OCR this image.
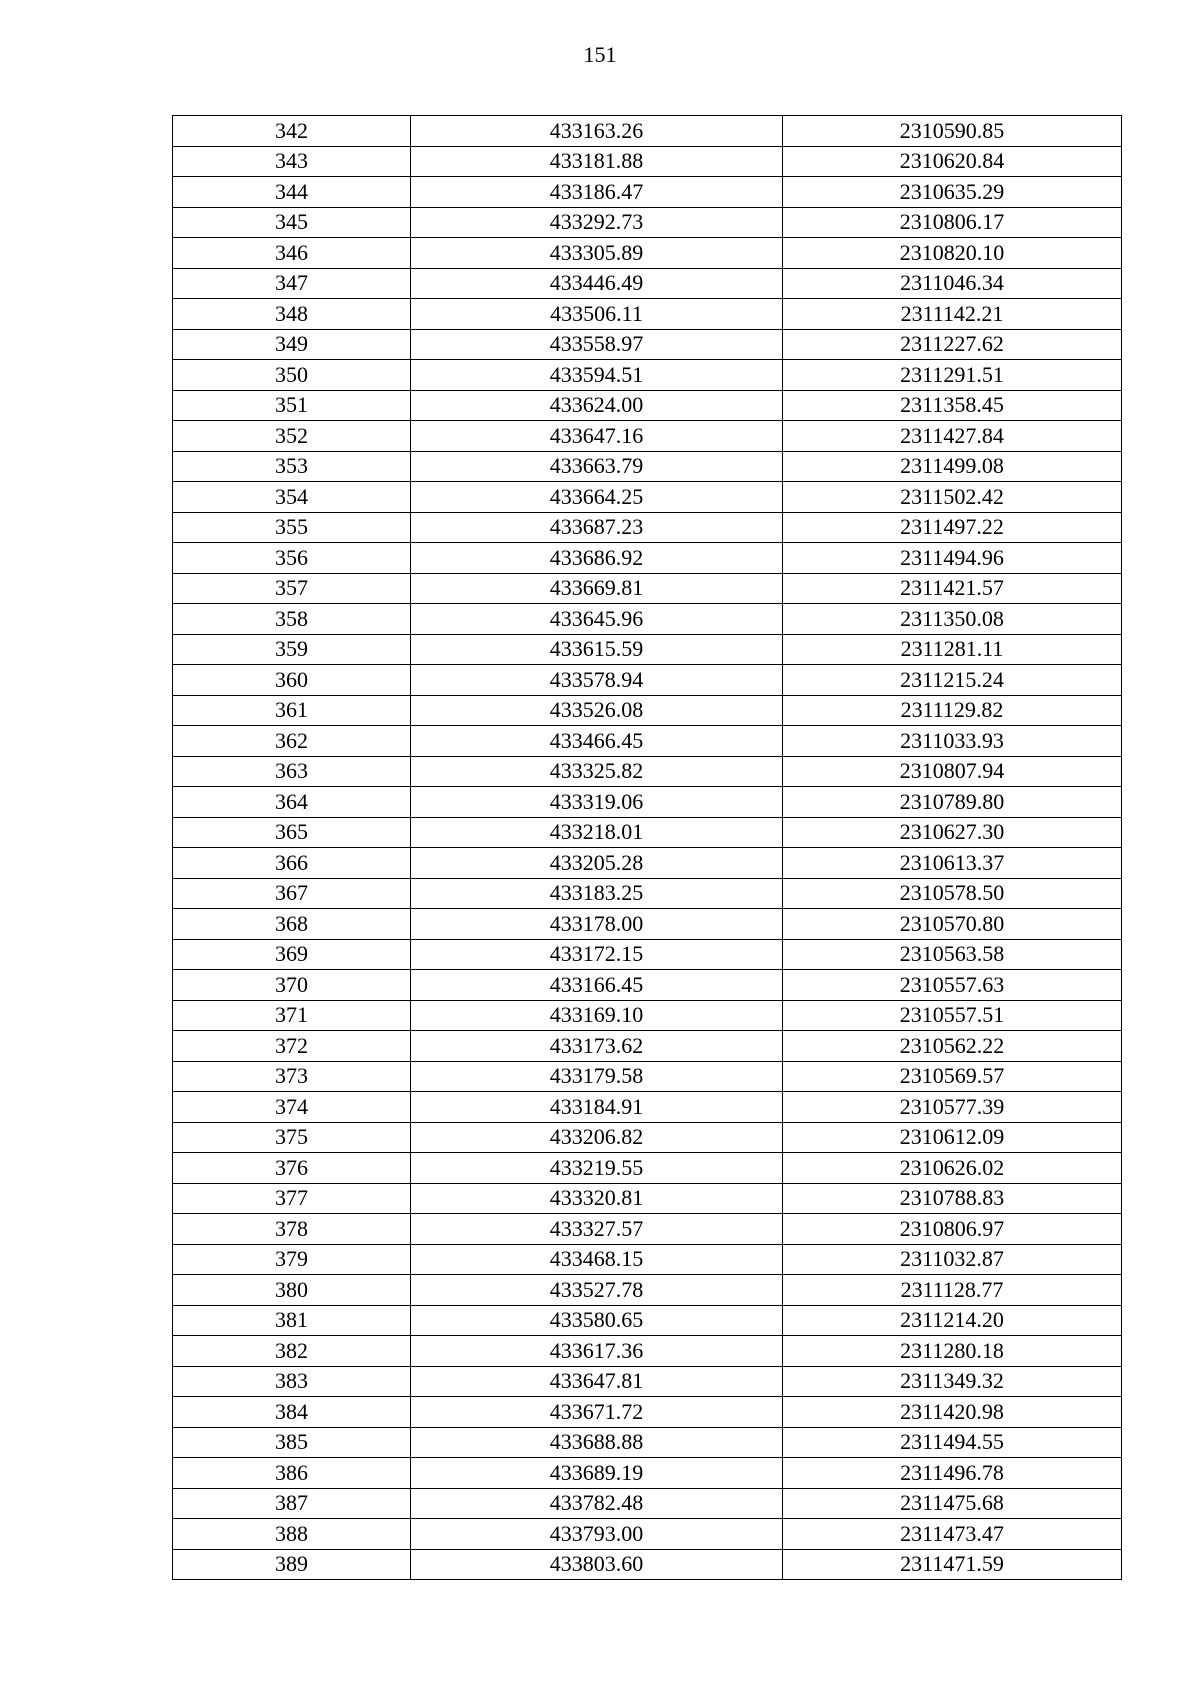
151
342	433163.26	2310590.85
343	433181.88	2310620.84
344	433186.47	2310635.29
345	433292.73	2310806.17
346	433305.89	2310820.10
347	433446.49	2311046.34
348	433506.11	2311142.21
349	433558.97	2311227.62
350	433594.51	2311291.51
351	433624.00	2311358.45
352	433647.16	2311427.84
353	433663.79	2311499.08
354	433664.25	2311502.42
355	433687.23	2311497.22
356	433686.92	2311494.96
357	433669.81	2311421.57
358	433645.96	2311350.08
359	433615.59	2311281.11
360	433578.94	2311215.24
361	433526.08	2311129.82
362	433466.45	2311033.93
363	433325.82	2310807.94
364	433319.06	2310789.80
365	433218.01	2310627.30
366	433205.28	2310613.37
367	433183.25	2310578.50
368	433178.00	2310570.80
369	433172.15	2310563.58
370	433166.45	2310557.63
371	433169.10	2310557.51
372	433173.62	2310562.22
373	433179.58	2310569.57
374	433184.91	2310577.39
375	433206.82	2310612.09
376	433219.55	2310626.02
377	433320.81	2310788.83
378	433327.57	2310806.97
379	433468.15	2311032.87
380	433527.78	2311128.77
381	433580.65	2311214.20
382	433617.36	2311280.18
383	433647.81	2311349.32
384	433671.72	2311420.98
385	433688.88	2311494.55
386	433689.19	2311496.78
387	433782.48	2311475.68
388	433793.00	2311473.47
389	433803.60	2311471.59
